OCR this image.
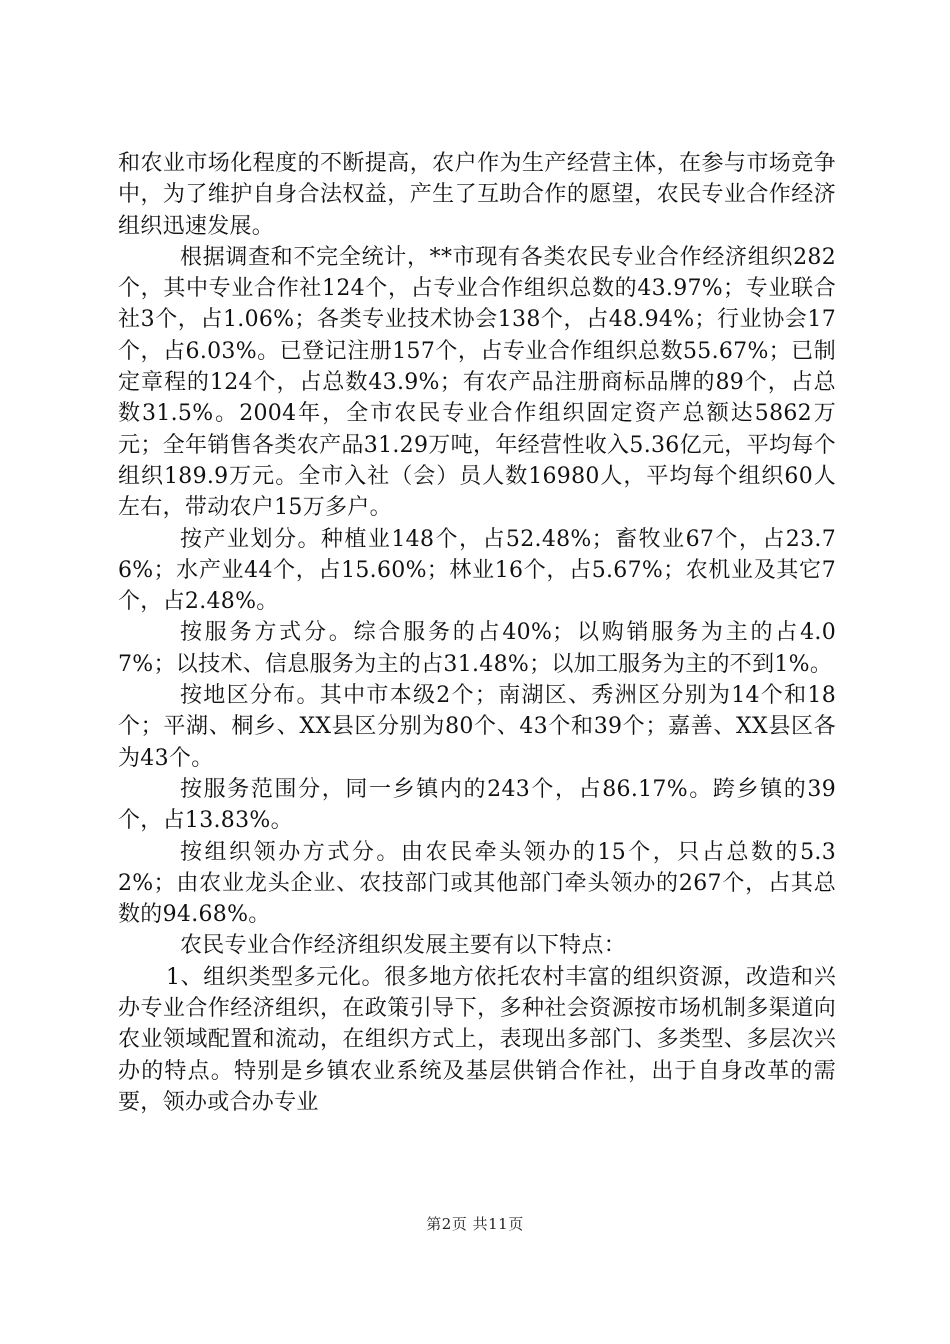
和农业市场化程度的不断提高，农户作为生产经营主体，在参与市场竞争中，为了维护自身合法权益，产生了互助合作的愿望，农民专业合作经济组织迅速发展。

根据调查和不完全统计，**市现有各类农民专业合作经济组织282个，其中专业合作社124个，占专业合作组织总数的43.97%；专业联合社3个，占1.06%；各类专业技术协会138个，占48.94%；行业协会17个，占6.03%。已登记注册157个，占专业合作组织总数55.67%；已制定章程的124个，占总数43.9%；有农产品注册商标品牌的89个，占总数31.5%。2004年，全市农民专业合作组织固定资产总额达5862万元；全年销售各类农产品31.29万吨，年经营性收入5.36亿元，平均每个组织189.9万元。全市入社（会）员人数16980人，平均每个组织60人左右，带动农户15万多户。

按产业划分。种植业148个，占52.48%；畜牧业67个，占23.76%；水产业44个，占15.60%；林业16个，占5.67%；农机业及其它7个，占2.48%。

按服务方式分。综合服务的占40%；以购销服务为主的占4.07%；以技术、信息服务为主的占31.48%；以加工服务为主的不到1%。

按地区分布。其中市本级2个；南湖区、秀洲区分别为14个和18个；平湖、桐乡、XX县区分别为80个、43个和39个；嘉善、XX县区各为43个。

按服务范围分，同一乡镇内的243个，占86.17%。跨乡镇的39个，占13.83%。

按组织领办方式分。由农民牵头领办的15个，只占总数的5.32%；由农业龙头企业、农技部门或其他部门牵头领办的267个，占其总数的94.68%。

农民专业合作经济组织发展主要有以下特点：

1、组织类型多元化。很多地方依托农村丰富的组织资源，改造和兴办专业合作经济组织，在政策引导下，多种社会资源按市场机制多渠道向农业领域配置和流动，在组织方式上，表现出多部门、多类型、多层次兴办的特点。特别是乡镇农业系统及基层供销合作社，出于自身改革的需要，领办或合办专业

第2页 共11页
